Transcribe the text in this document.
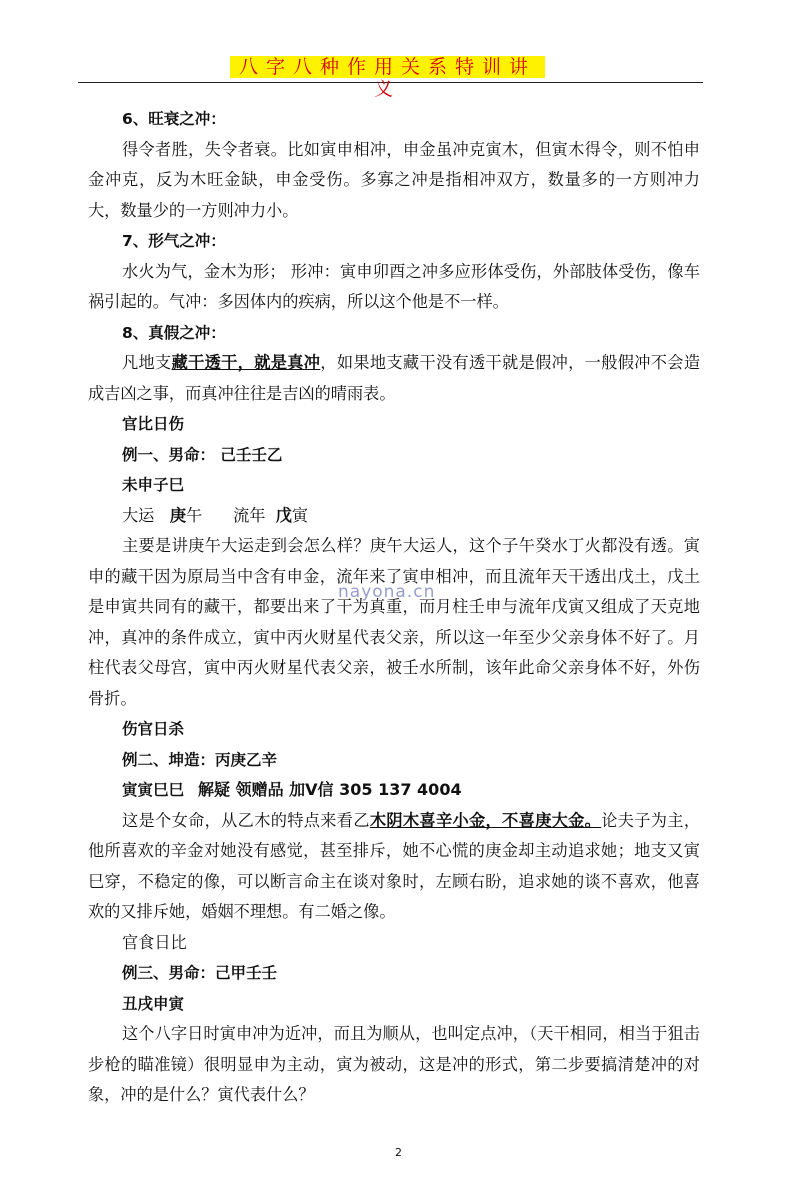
八字八种作用关系特训讲义

6、旺衰之冲：

得令者胜，失令者衰。比如寅申相冲，申金虽冲克寅木，但寅木得令，则不怕申金冲克，反为木旺金缺，申金受伤。多寡之冲是指相冲双方，数量多的一方则冲力大，数量少的一方则冲力小。

7、形气之冲：

水火为气，金木为形； 形冲：寅申卯酉之冲多应形体受伤，外部肢体受伤，像车祸引起的。气冲：多因体内的疾病，所以这个他是不一样。

8、真假之冲：

凡地支藏干透干，就是真冲，如果地支藏干没有透干就是假冲，一般假冲不会造成吉凶之事，而真冲往往是吉凶的晴雨表。

官比日伤

例一、男命： 己壬壬乙

未申子巳

大运 庚午 流年 戊寅

主要是讲庚午大运走到会怎么样？庚午大运人，这个子午癸水丁火都没有透。寅申的藏干因为原局当中含有申金，流年来了寅申相冲，而且流年天干透出戊土，戊土是申寅共同有的藏干，都要出来了干为真重，而月柱壬申与流年戊寅又组成了天克地冲，真冲的条件成立，寅中丙火财星代表父亲，所以这一年至少父亲身体不好了。月柱代表父母宫，寅中丙火财星代表父亲，被壬水所制，该年此命父亲身体不好，外伤骨折。

伤官日杀

例二、坤造：丙庚乙辛

寅寅巳巳 解疑 领赠品 加V信 305 137 4004

这是个女命，从乙木的特点来看乙木阴木喜辛小金，不喜庚大金。论夫子为主，他所喜欢的辛金对她没有感觉，甚至排斥，她不心慌的庚金却主动追求她；地支又寅巳穿，不稳定的像，可以断言命主在谈对象时，左顾右盼，追求她的谈不喜欢，他喜欢的又排斥她，婚姻不理想。有二婚之像。

官食日比

例三、男命：己甲壬壬

丑戌申寅

这个八字日时寅申冲为近冲，而且为顺从，也叫定点冲，（天干相同，相当于狙击步枪的瞄准镜）很明显申为主动，寅为被动，这是冲的形式，第二步要搞清楚冲的对象，冲的是什么？寅代表什么？

nayona.cn
2
